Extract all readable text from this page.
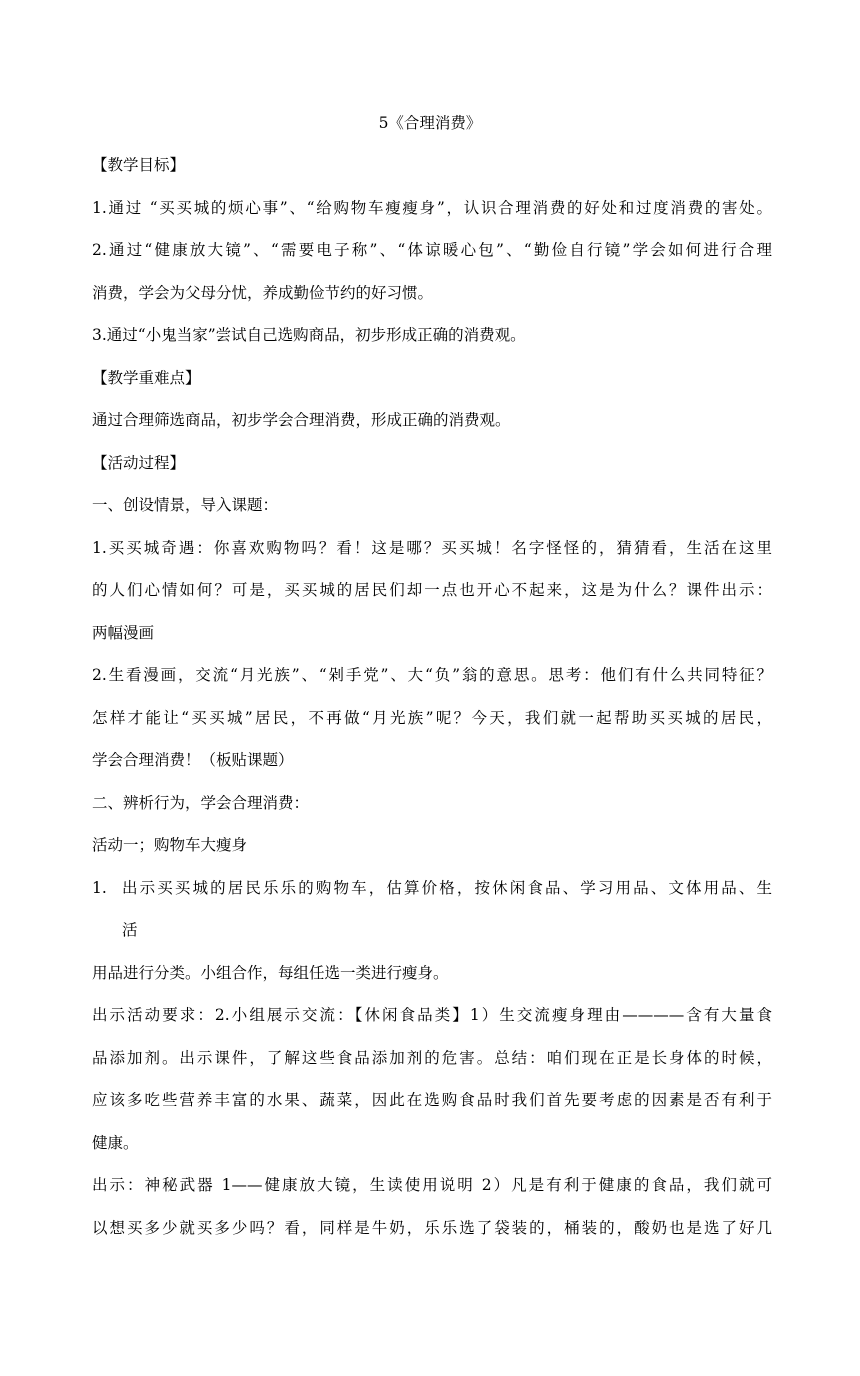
5《合理消费》
【教学目标】
1.通过 “买买城的烦心事”、“给购物车瘦瘦身”，认识合理消费的好处和过度消费的害处。
2.通过“健康放大镜”、“需要电子称”、“体谅暖心包”、“勤俭自行镜”学会如何进行合理
消费，学会为父母分忧，养成勤俭节约的好习惯。
3.通过“小鬼当家”尝试自己选购商品，初步形成正确的消费观。
【教学重难点】
通过合理筛选商品，初步学会合理消费，形成正确的消费观。
【活动过程】
一、创设情景，导入课题：
1.买买城奇遇：你喜欢购物吗？看！这是哪？买买城！名字怪怪的，猜猜看，生活在这里
的人们心情如何？可是，买买城的居民们却一点也开心不起来，这是为什么？课件出示：
两幅漫画
2.生看漫画，交流“月光族”、“剁手党”、大“负”翁的意思。思考：他们有什么共同特征？
怎样才能让“买买城”居民，不再做“月光族”呢？今天，我们就一起帮助买买城的居民，
学会合理消费！（板贴课题）
二、辨析行为，学会合理消费：
活动一；购物车大瘦身
1. 出示买买城的居民乐乐的购物车，估算价格，按休闲食品、学习用品、文体用品、生
活
用品进行分类。小组合作，每组任选一类进行瘦身。
出示活动要求：2.小组展示交流：【休闲食品类】1）生交流瘦身理由————含有大量食
品添加剂。出示课件，了解这些食品添加剂的危害。总结：咱们现在正是长身体的时候，
应该多吃些营养丰富的水果、蔬菜，因此在选购食品时我们首先要考虑的因素是否有利于
健康。
出示：神秘武器 1——健康放大镜，生读使用说明 2）凡是有利于健康的食品，我们就可
以想买多少就买多少吗？看，同样是牛奶，乐乐选了袋装的，桶装的，酸奶也是选了好几
